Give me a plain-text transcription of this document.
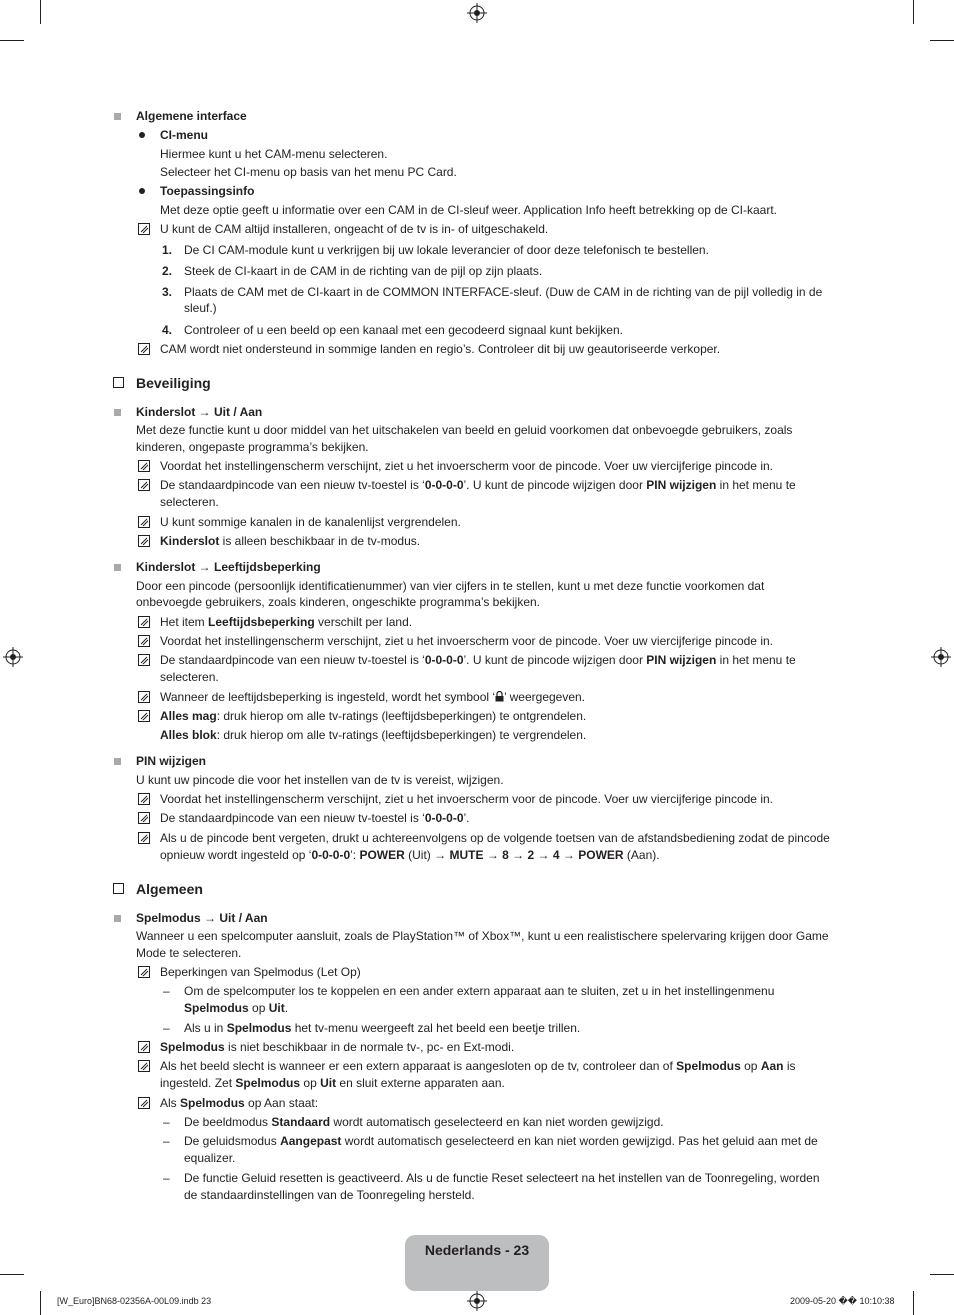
Algemene interface
CI-menu
Hiermee kunt u het CAM-menu selecteren.
Selecteer het CI-menu op basis van het menu PC Card.
Toepassingsinfo
Met deze optie geeft u informatie over een CAM in de CI-sleuf weer. Application Info heeft betrekking op de CI-kaart.
U kunt de CAM altijd installeren, ongeacht of de tv is in- of uitgeschakeld.
1. De CI CAM-module kunt u verkrijgen bij uw lokale leverancier of door deze telefonisch te bestellen.
2. Steek de CI-kaart in de CAM in de richting van de pijl op zijn plaats.
3. Plaats de CAM met de CI-kaart in de COMMON INTERFACE-sleuf. (Duw de CAM in de richting van de pijl volledig in de
sleuf.)
4. Controleer of u een beeld op een kanaal met een gecodeerd signaal kunt bekijken.
CAM wordt niet ondersteund in sommige landen en regio’s. Controleer dit bij uw geautoriseerde verkoper.
Beveiliging
Kinderslot → Uit / Aan
Met deze functie kunt u door middel van het uitschakelen van beeld en geluid voorkomen dat onbevoegde gebruikers, zoals
kinderen, ongepaste programma’s bekijken.
Voordat het instellingenscherm verschijnt, ziet u het invoerscherm voor de pincode. Voer uw viercijferige pincode in.
De standaardpincode van een nieuw tv-toestel is ‘0-0-0-0’. U kunt de pincode wijzigen door PIN wijzigen in het menu te
selecteren.
U kunt sommige kanalen in de kanalenlijst vergrendelen.
Kinderslot is alleen beschikbaar in de tv-modus.
Kinderslot → Leeftijdsbeperking
Door een pincode (persoonlijk identificatienummer) van vier cijfers in te stellen, kunt u met deze functie voorkomen dat
onbevoegde gebruikers, zoals kinderen, ongeschikte programma’s bekijken.
Het item Leeftijdsbeperking verschilt per land.
Voordat het instellingenscherm verschijnt, ziet u het invoerscherm voor de pincode. Voer uw viercijferige pincode in.
De standaardpincode van een nieuw tv-toestel is ‘0-0-0-0’. U kunt de pincode wijzigen door PIN wijzigen in het menu te
selecteren.
Wanneer de leeftijdsbeperking is ingesteld, wordt het symbool ‘ ’ weergegeven.
Alles mag: druk hierop om alle tv-ratings (leeftijdsbeperkingen) te ontgrendelen.
Alles blok: druk hierop om alle tv-ratings (leeftijdsbeperkingen) te vergrendelen.
PIN wijzigen
U kunt uw pincode die voor het instellen van de tv is vereist, wijzigen.
Voordat het instellingenscherm verschijnt, ziet u het invoerscherm voor de pincode. Voer uw viercijferige pincode in.
De standaardpincode van een nieuw tv-toestel is ‘0-0-0-0’.
Als u de pincode bent vergeten, drukt u achtereenvolgens op de volgende toetsen van de afstandsbediening zodat de pincode
opnieuw wordt ingesteld op ‘0-0-0-0’: POWER (Uit) → MUTE → 8 → 2 → 4 → POWER (Aan).
Algemeen
Spelmodus → Uit / Aan
Wanneer u een spelcomputer aansluit, zoals de PlayStation™ of Xbox™, kunt u een realistischere spelervaring krijgen door Game
Mode te selecteren.
Beperkingen van Spelmodus (Let Op)
– Om de spelcomputer los te koppelen en een ander extern apparaat aan te sluiten, zet u in het instellingenmenu
Spelmodus op Uit.
– Als u in Spelmodus het tv-menu weergeeft zal het beeld een beetje trillen.
Spelmodus is niet beschikbaar in de normale tv-, pc- en Ext-modi.
Als het beeld slecht is wanneer er een extern apparaat is aangesloten op de tv, controleer dan of Spelmodus op Aan is
ingesteld. Zet Spelmodus op Uit en sluit externe apparaten aan.
Als Spelmodus op Aan staat:
– De beeldmodus Standaard wordt automatisch geselecteerd en kan niet worden gewijzigd.
– De geluidsmodus Aangepast wordt automatisch geselecteerd en kan niet worden gewijzigd. Pas het geluid aan met de
equalizer.
– De functie Geluid resetten is geactiveerd. Als u de functie Reset selecteert na het instellen van de Toonregeling, worden
de standaardinstellingen van de Toonregeling hersteld.
Nederlands - 23
[W_Euro]BN68-02356A-00L09.indb 23	2009-05-20 �� 10:10:38
